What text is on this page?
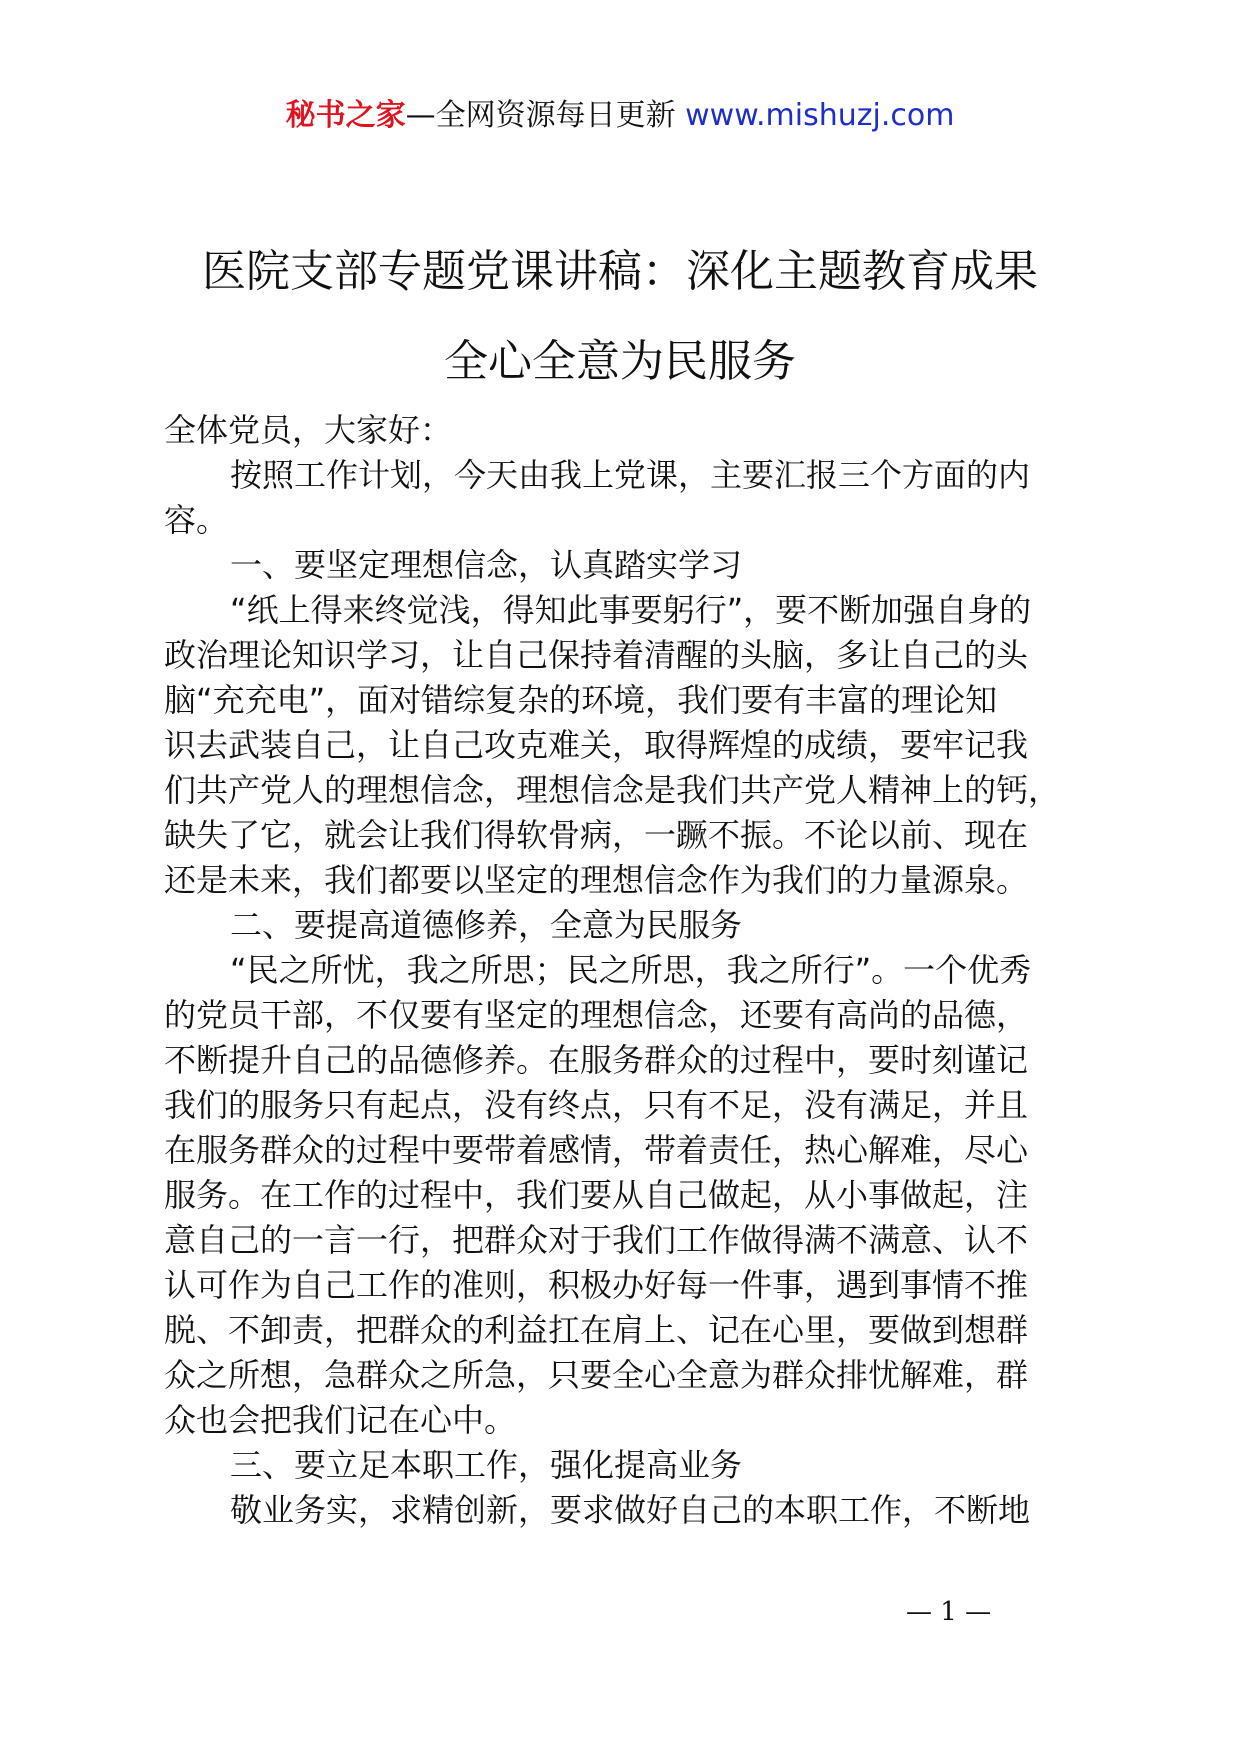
秘书之家—全网资源每日更新 www.mishuzj.com
医院支部专题党课讲稿：深化主题教育成果
全心全意为民服务

全体党员，大家好：

按照工作计划，今天由我上党课，主要汇报三个方面的内

容。

一、要坚定理想信念，认真踏实学习

“纸上得来终觉浅，得知此事要躬行”，要不断加强自身的

政治理论知识学习，让自己保持着清醒的头脑，多让自己的头

脑“充充电”，面对错综复杂的环境，我们要有丰富的理论知

识去武装自己，让自己攻克难关，取得辉煌的成绩，要牢记我

们共产党人的理想信念，理想信念是我们共产党人精神上的钙，

缺失了它，就会让我们得软骨病，一蹶不振。不论以前、现在

还是未来，我们都要以坚定的理想信念作为我们的力量源泉。

二、要提高道德修养，全意为民服务

“民之所忧，我之所思；民之所思，我之所行”。一个优秀

的党员干部，不仅要有坚定的理想信念，还要有高尚的品德，

不断提升自己的品德修养。在服务群众的过程中，要时刻谨记

我们的服务只有起点，没有终点，只有不足，没有满足，并且

在服务群众的过程中要带着感情，带着责任，热心解难，尽心

服务。在工作的过程中，我们要从自己做起，从小事做起，注

意自己的一言一行，把群众对于我们工作做得满不满意、认不

认可作为自己工作的准则，积极办好每一件事，遇到事情不推

脱、不卸责，把群众的利益扛在肩上、记在心里，要做到想群

众之所想，急群众之所急，只要全心全意为群众排忧解难，群

众也会把我们记在心中。

三、要立足本职工作，强化提高业务

敬业务实，求精创新，要求做好自己的本职工作，不断地

— 1 —
